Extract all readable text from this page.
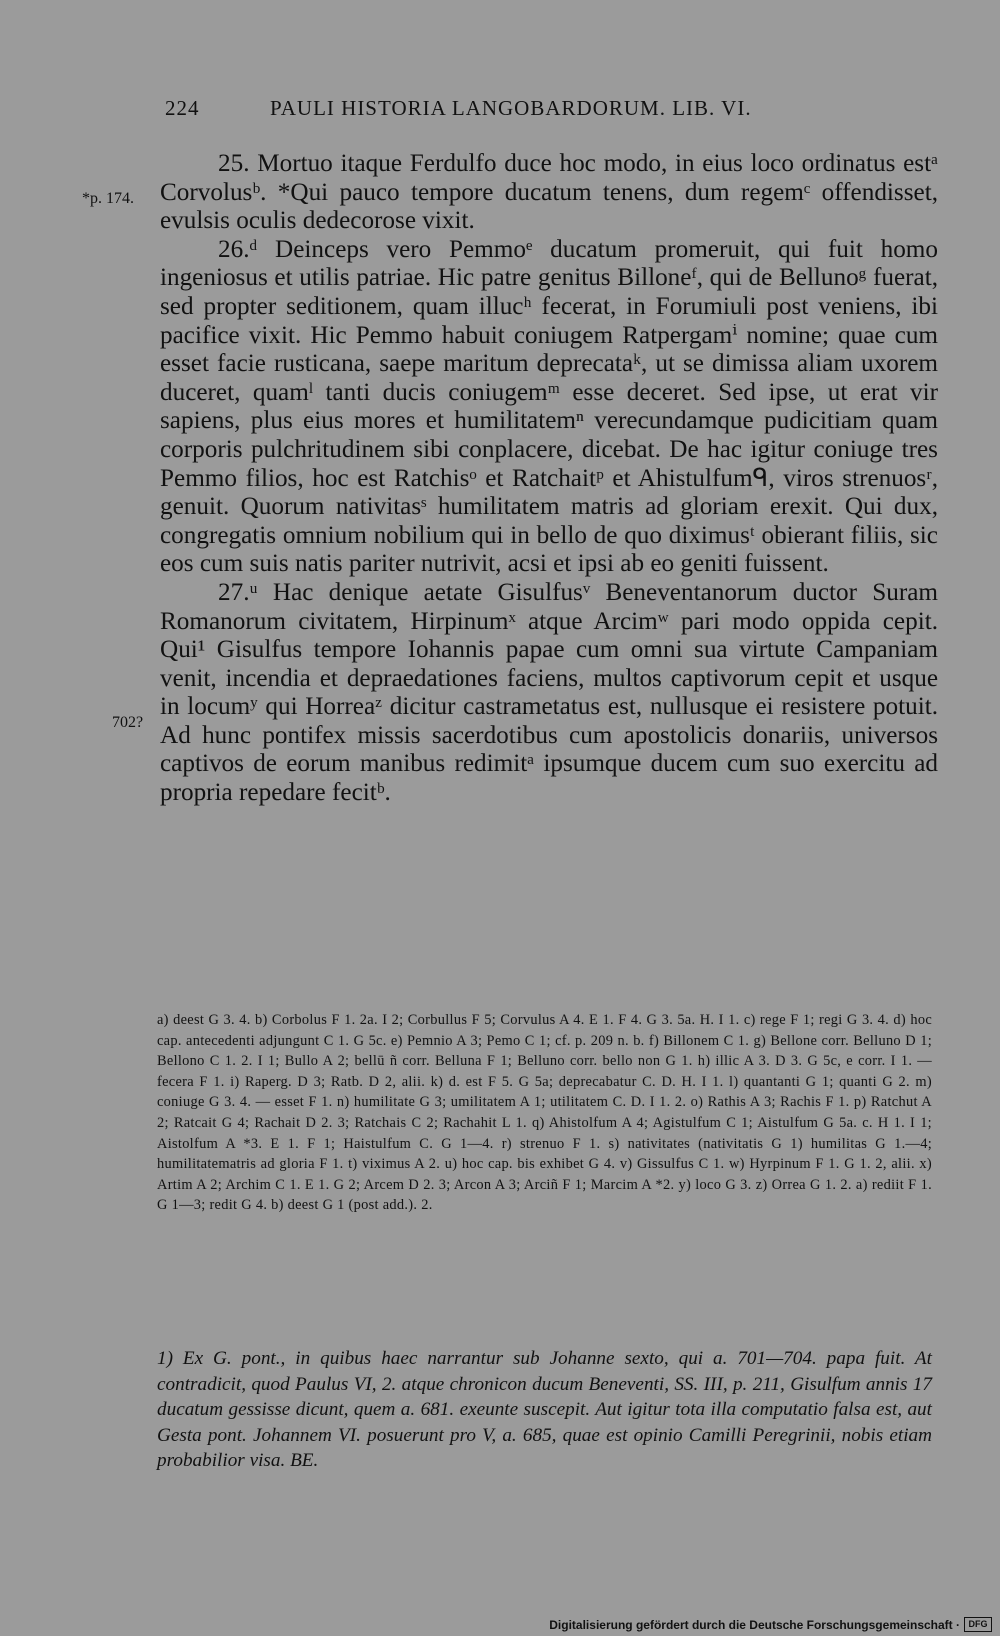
224	PAULI HISTORIA LANGOBARDORUM. LIB. VI.
*p. 174.
702?

25. Mortuo itaque Ferdulfo duce hoc modo, in eius loco ordinatus estᵃ Corvolusᵇ. *Qui pauco tempore ducatum tenens, dum regemᶜ offendisset, evulsis oculis dedecorose vixit.

26.ᵈ Deinceps vero Pemmoᵉ ducatum promeruit, qui fuit homo ingeniosus et utilis patriae. Hic patre genitus Billoneᶠ, qui de Bellunoᵍ fuerat, sed propter seditionem, quam illucʰ fecerat, in Forumiuli post veniens, ibi pacifice vixit. Hic Pemmo habuit coniugem Ratpergamⁱ nomine; quae cum esset facie rusticana, saepe maritum deprecataᵏ, ut se dimissa aliam uxorem duceret, quamˡ tanti ducis coniugemᵐ esse deceret. Sed ipse, ut erat vir sapiens, plus eius mores et humilitatemⁿ verecundamque pudicitiam quam corporis pulchritudinem sibi conplacere, dicebat. De hac igitur coniuge tres Pemmo filios, hoc est Ratchisᵒ et Ratchaitᵖ et Ahistulfumᑫ, viros strenuosʳ, genuit. Quorum nativitasˢ humilitatem matris ad gloriam erexit. Qui dux, congregatis omnium nobilium qui in bello de quo diximusᵗ obierant filiis, sic eos cum suis natis pariter nutrivit, acsi et ipsi ab eo geniti fuissent.

27.ᵘ Hac denique aetate Gisulfusᵛ Beneventanorum ductor Suram Romanorum civitatem, Hirpinumˣ atque Arcimʷ pari modo oppida cepit. Qui¹ Gisulfus tempore Iohannis papae cum omni sua virtute Campaniam venit, incendia et depraedationes faciens, multos captivorum cepit et usque in locumʸ qui Horreaᶻ dicitur castrametatus est, nullusque ei resistere potuit. Ad hunc pontifex missis sacerdotibus cum apostolicis donariis, universos captivos de eorum manibus redimitᵃ ipsumque ducem cum suo exercitu ad propria repedare fecitᵇ.

a) deest G 3. 4. b) Corbolus F 1. 2a. I 2; Corbullus F 5; Corvulus A 4. E 1. F 4. G 3. 5a. H. I 1. c) rege F 1; regi G 3. 4. d) hoc cap. antecedenti adjungunt C 1. G 5c. e) Pemnio A 3; Pemo C 1; cf. p. 209 n. b. f) Billonem C 1. g) Bellone corr. Belluno D 1; Bellono C 1. 2. I 1; Bullo A 2; bellū ñ corr. Belluna F 1; Belluno corr. bello non G 1. h) illic A 3. D 3. G 5c, e corr. I 1. — fecera F 1. i) Raperg. D 3; Ratb. D 2, alii. k) d. est F 5. G 5a; deprecabatur C. D. H. I 1. l) quantanti G 1; quanti G 2. m) coniuge G 3. 4. — esset F 1. n) humilitate G 3; umilitatem A 1; utilitatem C. D. I 1. 2. o) Rathis A 3; Rachis F 1. p) Ratchut A 2; Ratcait G 4; Rachait D 2. 3; Ratchais C 2; Rachahit L 1. q) Ahistolfum A 4; Agistulfum C 1; Aistulfum G 5a. c. H 1. I 1; Aistolfum A *3. E 1. F 1; Haistulfum C. G 1—4. r) strenuo F 1. s) nativitates (nativitatis G 1) humilitas G 1.—4; humilitatematris ad gloria F 1. t) viximus A 2. u) hoc cap. bis exhibet G 4. v) Gissulfus C 1. w) Hyrpinum F 1. G 1. 2, alii. x) Artim A 2; Archim C 1. E 1. G 2; Arcem D 2. 3; Arcon A 3; Arciñ F 1; Marcim A *2. y) loco G 3. z) Orrea G 1. 2. a) rediit F 1. G 1—3; redit G 4. b) deest G 1 (post add.). 2.

1) Ex G. pont., in quibus haec narrantur sub Johanne sexto, qui a. 701—704. papa fuit. At contradicit, quod Paulus VI, 2. atque chronicon ducum Beneventi, SS. III, p. 211, Gisulfum annis 17 ducatum gessisse dicunt, quem a. 681. exeunte suscepit. Aut igitur tota illa computatio falsa est, aut Gesta pont. Johannem VI. posuerunt pro V, a. 685, quae est opinio Camilli Peregrinii, nobis etiam probabilior visa. BE.

Digitalisierung gefördert durch die Deutsche Forschungsgemeinschaft · DFG
